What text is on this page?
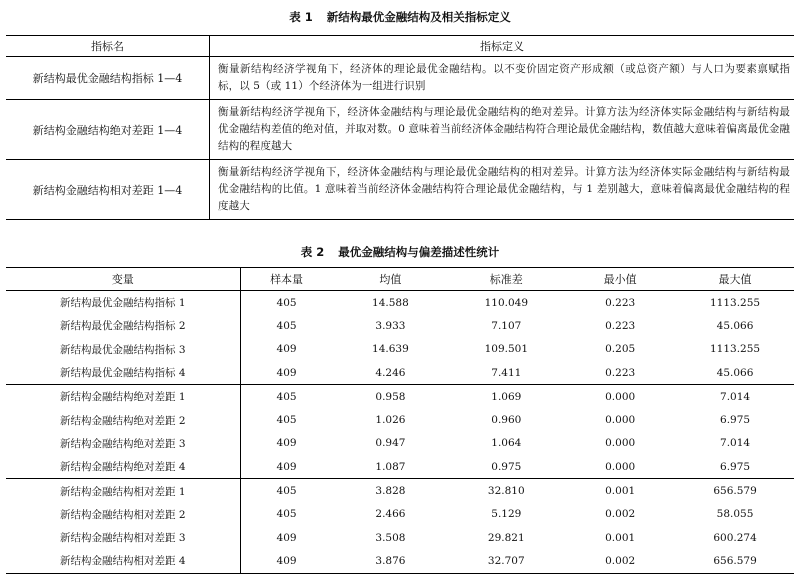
表 1 新结构最优金融结构及相关指标定义
指标名	指标定义
新结构最优金融结构指标 1—4	衡量新结构经济学视角下，经济体的理论最优金融结构。以不变价固定资产形成额（或总资产额）与人口为要素禀赋指标，以 5（或 11）个经济体为一组进行识别
新结构金融结构绝对差距 1—4	衡量新结构经济学视角下，经济体金融结构与理论最优金融结构的绝对差异。计算方法为经济体实际金融结构与新结构最优金融结构差值的绝对值，并取对数。0 意味着当前经济体金融结构符合理论最优金融结构，数值越大意味着偏离最优金融结构的程度越大
新结构金融结构相对差距 1—4	衡量新结构经济学视角下，经济体金融结构与理论最优金融结构的相对差异。计算方法为经济体实际金融结构与新结构最优金融结构的比值。1 意味着当前经济体金融结构符合理论最优金融结构，与 1 差别越大，意味着偏离最优金融结构的程度越大
表 2 最优金融结构与偏差描述性统计
变量	样本量	均值	标准差	最小值	最大值
新结构最优金融结构指标 1	405	14.588	110.049	0.223	1113.255
新结构最优金融结构指标 2	405	3.933	7.107	0.223	45.066
新结构最优金融结构指标 3	409	14.639	109.501	0.205	1113.255
新结构最优金融结构指标 4	409	4.246	7.411	0.223	45.066
新结构金融结构绝对差距 1	405	0.958	1.069	0.000	7.014
新结构金融结构绝对差距 2	405	1.026	0.960	0.000	6.975
新结构金融结构绝对差距 3	409	0.947	1.064	0.000	7.014
新结构金融结构绝对差距 4	409	1.087	0.975	0.000	6.975
新结构金融结构相对差距 1	405	3.828	32.810	0.001	656.579
新结构金融结构相对差距 2	405	2.466	5.129	0.002	58.055
新结构金融结构相对差距 3	409	3.508	29.821	0.001	600.274
新结构金融结构相对差距 4	409	3.876	32.707	0.002	656.579
